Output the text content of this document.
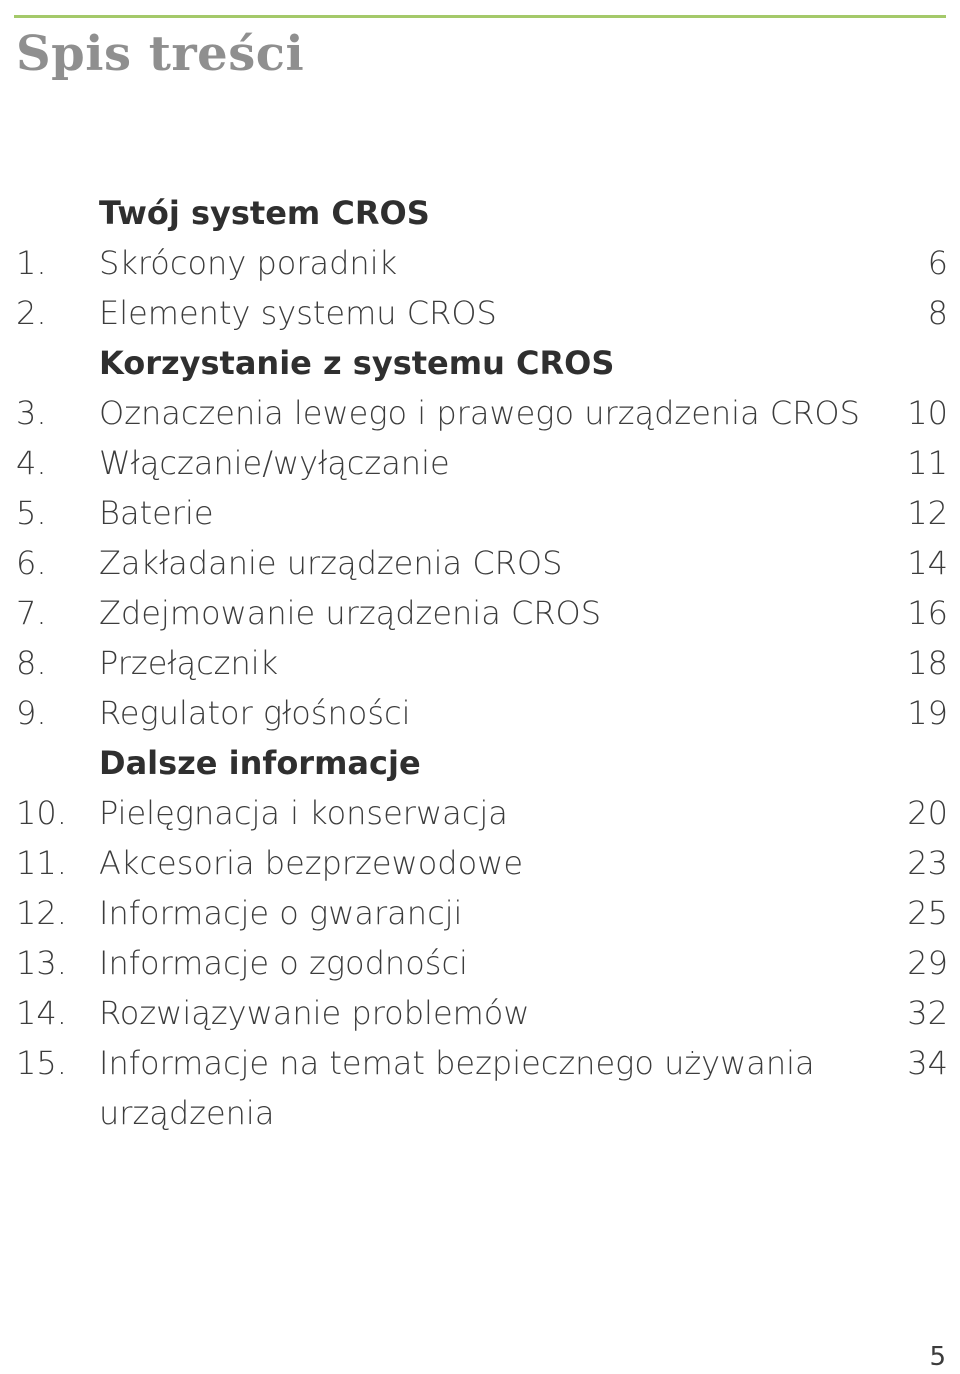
Spis treści
Twój system CROS
1.	Skrócony poradnik	6
2.	Elementy systemu CROS	8
Korzystanie z systemu CROS
3.	Oznaczenia lewego i prawego urządzenia CROS 10
4.	Włączanie/wyłączanie	11
5.	Baterie	12
6.	Zakładanie urządzenia CROS	14
7.	Zdejmowanie urządzenia CROS	16
8.	Przełącznik	18
9.	Regulator głośności	19
Dalsze informacje
10.	Pielęgnacja i konserwacja	20
11.	Akcesoria bezprzewodowe	23
12.	Informacje o gwarancji	25
13.	Informacje o zgodności	29
14.	Rozwiązywanie problemów	32
15.	Informacje na temat bezpiecznego używania	34
urządzenia
5
